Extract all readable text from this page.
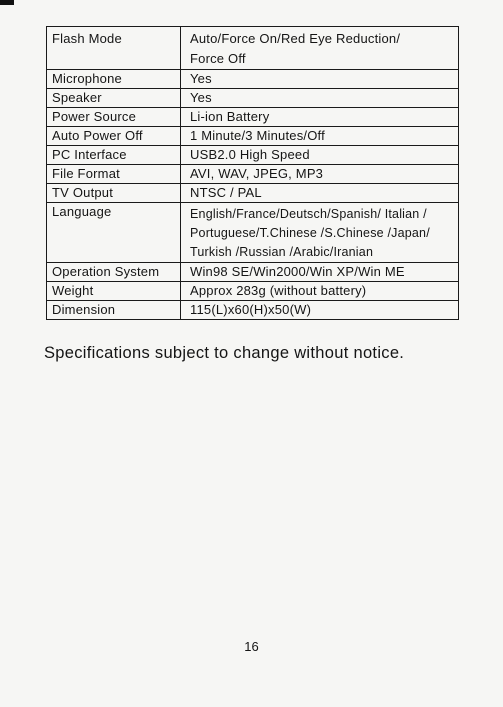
Flash Mode	Auto/Force On/Red Eye Reduction/
Force Off

Microphone	Yes
Speaker	Yes
Power Source	Li-ion Battery
Auto Power Off	1 Minute/3 Minutes/Off
PC Interface	USB2.0 High Speed
File Format	AVI, WAV, JPEG, MP3
TV Output	NTSC / PAL
Language	English/France/Deutsch/Spanish/ Italian /
Portuguese/T.Chinese /S.Chinese /Japan/
Turkish /Russian /Arabic/Iranian

Operation System	Win98 SE/Win2000/Win XP/Win ME
Weight	Approx 283g (without battery)
Dimension	115(L)x60(H)x50(W)
Specifications subject to change without notice.
16
